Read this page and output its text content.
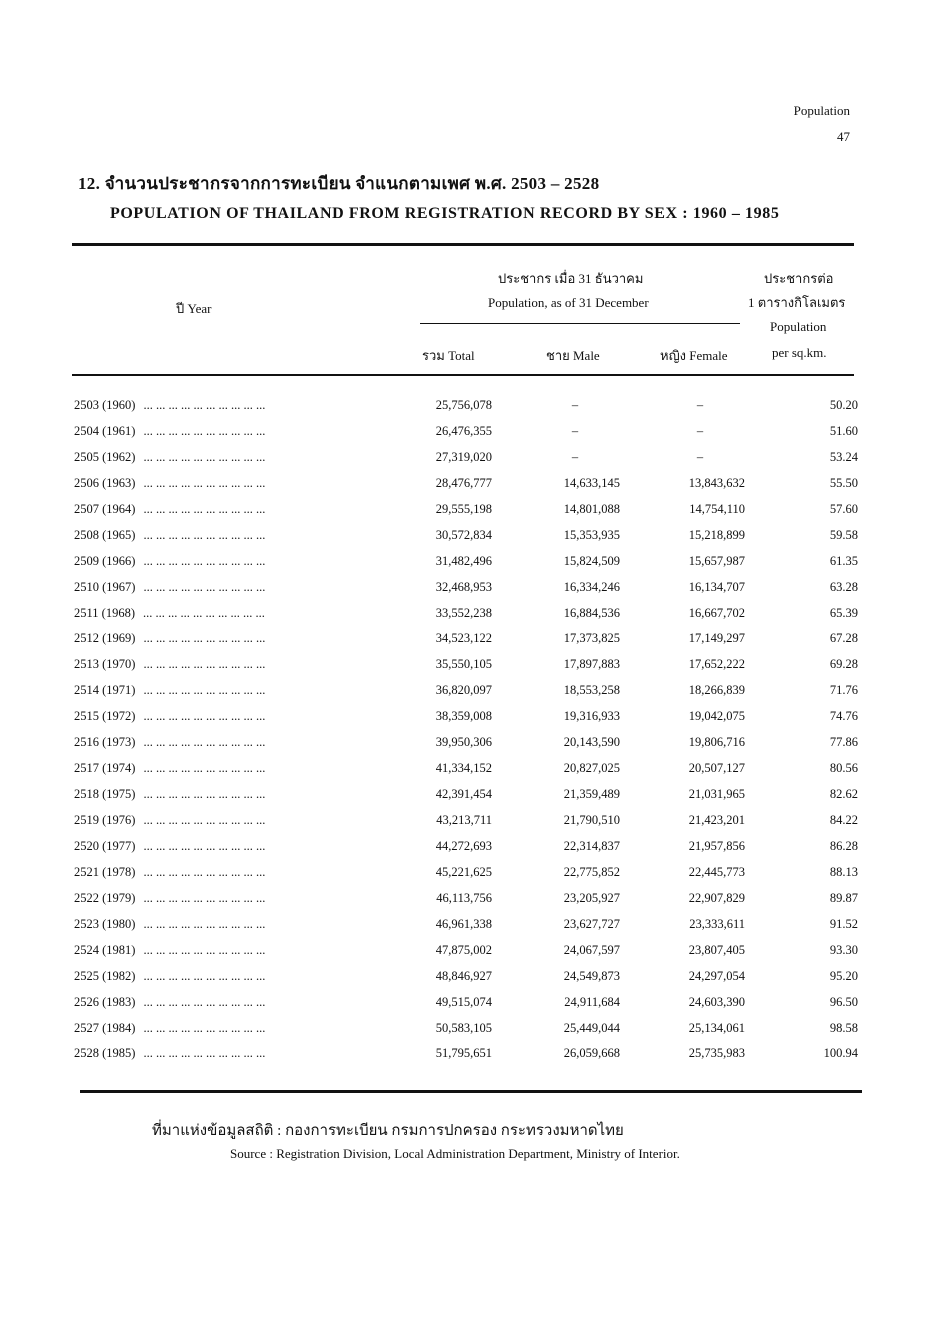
Population
47
12. จำนวนประชากรจากการทะเบียน จำแนกตามเพศ พ.ศ. 2503 – 2528
POPULATION OF THAILAND FROM REGISTRATION RECORD BY SEX : 1960 – 1985
ปี Year
ประชากร เมื่อ 31 ธันวาคม
Population, as of 31 December
รวม Total	ชาย Male	หญิง Female
ประชากรต่อ
1 ตารางกิโลเมตร
Population
per sq.km.
2503 (1960) ... ... ... ... ... ... ... ... ... ...	25,756,078	–	–	50.20
2504 (1961) ... ... ... ... ... ... ... ... ... ...	26,476,355	–	–	51.60
2505 (1962) ... ... ... ... ... ... ... ... ... ...	27,319,020	–	–	53.24
2506 (1963) ... ... ... ... ... ... ... ... ... ...	28,476,777	14,633,145	13,843,632	55.50
2507 (1964) ... ... ... ... ... ... ... ... ... ...	29,555,198	14,801,088	14,754,110	57.60
2508 (1965) ... ... ... ... ... ... ... ... ... ...	30,572,834	15,353,935	15,218,899	59.58
2509 (1966) ... ... ... ... ... ... ... ... ... ...	31,482,496	15,824,509	15,657,987	61.35
2510 (1967) ... ... ... ... ... ... ... ... ... ...	32,468,953	16,334,246	16,134,707	63.28
2511 (1968) ... ... ... ... ... ... ... ... ... ...	33,552,238	16,884,536	16,667,702	65.39
2512 (1969) ... ... ... ... ... ... ... ... ... ...	34,523,122	17,373,825	17,149,297	67.28
2513 (1970) ... ... ... ... ... ... ... ... ... ...	35,550,105	17,897,883	17,652,222	69.28
2514 (1971) ... ... ... ... ... ... ... ... ... ...	36,820,097	18,553,258	18,266,839	71.76
2515 (1972) ... ... ... ... ... ... ... ... ... ...	38,359,008	19,316,933	19,042,075	74.76
2516 (1973) ... ... ... ... ... ... ... ... ... ...	39,950,306	20,143,590	19,806,716	77.86
2517 (1974) ... ... ... ... ... ... ... ... ... ...	41,334,152	20,827,025	20,507,127	80.56
2518 (1975) ... ... ... ... ... ... ... ... ... ...	42,391,454	21,359,489	21,031,965	82.62
2519 (1976) ... ... ... ... ... ... ... ... ... ...	43,213,711	21,790,510	21,423,201	84.22
2520 (1977) ... ... ... ... ... ... ... ... ... ...	44,272,693	22,314,837	21,957,856	86.28
2521 (1978) ... ... ... ... ... ... ... ... ... ...	45,221,625	22,775,852	22,445,773	88.13
2522 (1979) ... ... ... ... ... ... ... ... ... ...	46,113,756	23,205,927	22,907,829	89.87
2523 (1980) ... ... ... ... ... ... ... ... ... ...	46,961,338	23,627,727	23,333,611	91.52
2524 (1981) ... ... ... ... ... ... ... ... ... ...	47,875,002	24,067,597	23,807,405	93.30
2525 (1982) ... ... ... ... ... ... ... ... ... ...	48,846,927	24,549,873	24,297,054	95.20
2526 (1983) ... ... ... ... ... ... ... ... ... ...	49,515,074	24,911,684	24,603,390	96.50
2527 (1984) ... ... ... ... ... ... ... ... ... ...	50,583,105	25,449,044	25,134,061	98.58
2528 (1985) ... ... ... ... ... ... ... ... ... ...	51,795,651	26,059,668	25,735,983	100.94
ที่มาแห่งข้อมูลสถิติ : กองการทะเบียน กรมการปกครอง กระทรวงมหาดไทย
Source : Registration Division, Local Administration Department, Ministry of Interior.
